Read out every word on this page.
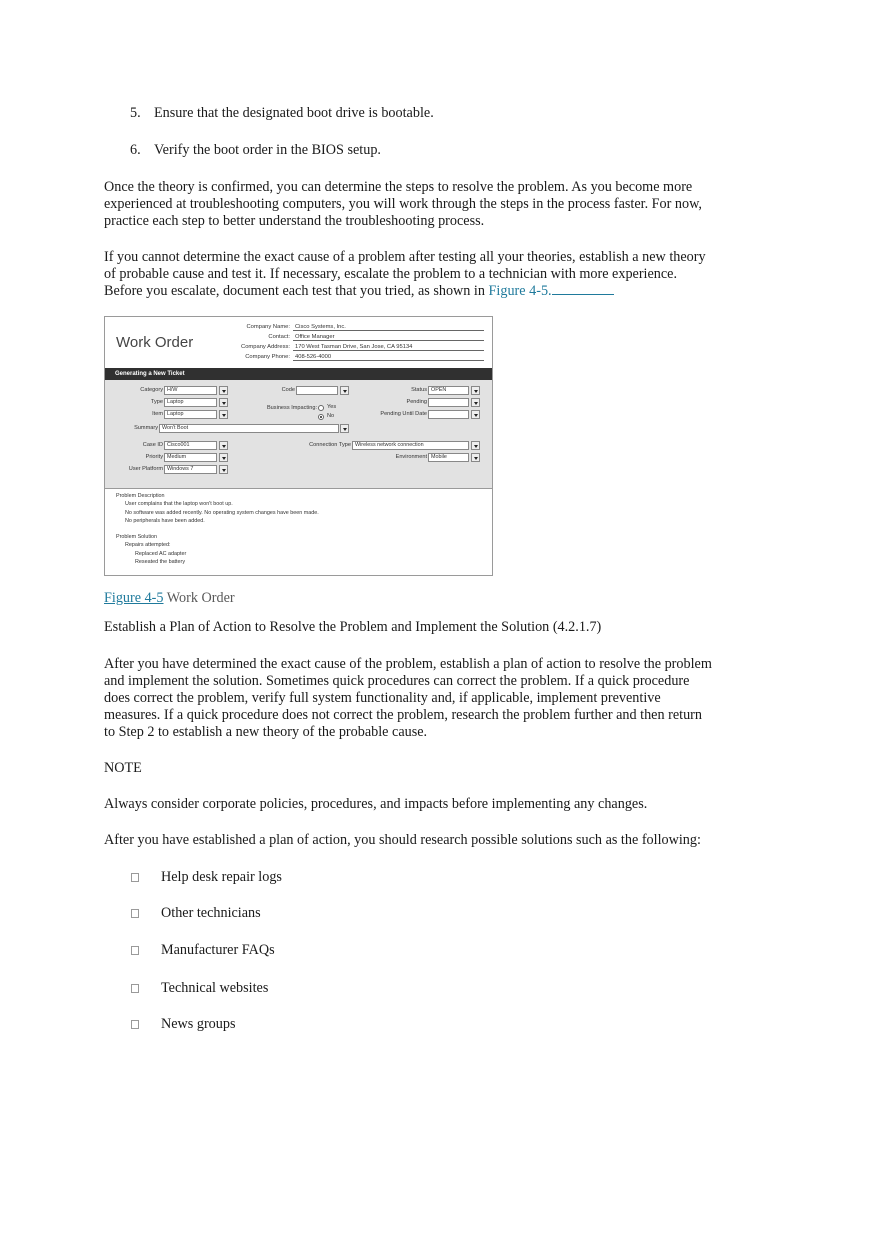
5. Ensure that the designated boot drive is bootable.
6. Verify the boot order in the BIOS setup.

Once the theory is confirmed, you can determine the steps to resolve the problem. As you become more experienced at troubleshooting computers, you will work through the steps in the process faster. For now, practice each step to better understand the troubleshooting process.

If you cannot determine the exact cause of a problem after testing all your theories, establish a new theory of probable cause and test it. If necessary, escalate the problem to a technician with more experience. Before you escalate, document each test that you tried, as shown in Figure 4-5.

Work Order
Company Name: Cisco Systems, Inc.
Contact: Office Manager
Company Address: 170 West Tasman Drive, San Jose, CA 95134
Company Phone: 408-526-4000
Generating a New Ticket
Category H/W
Type Laptop
Item Laptop
Code
Business Impacting: Yes
No
Status OPEN
Pending
Pending Until Date
Summary Won't Boot
Case ID Cisco001
Priority Medium
User Platform Windows 7
Connection Type Wireless network connection
Environment Mobile
Problem Description
User complains that the laptop won't boot up.
No software was added recently. No operating system changes have been made.
No peripherals have been added.
Problem Solution
Repairs attempted:
Replaced AC adapter
Reseated the battery
Figure 4-5 Work Order

Establish a Plan of Action to Resolve the Problem and Implement the Solution (4.2.1.7)

After you have determined the exact cause of the problem, establish a plan of action to resolve the problem and implement the solution. Sometimes quick procedures can correct the problem. If a quick procedure does correct the problem, verify full system functionality and, if applicable, implement preventive measures. If a quick procedure does not correct the problem, research the problem further and then return to Step 2 to establish a new theory of the probable cause.

NOTE

Always consider corporate policies, procedures, and impacts before implementing any changes.

After you have established a plan of action, you should research possible solutions such as the following:

Help desk repair logs
Other technicians
Manufacturer FAQs
Technical websites
News groups
